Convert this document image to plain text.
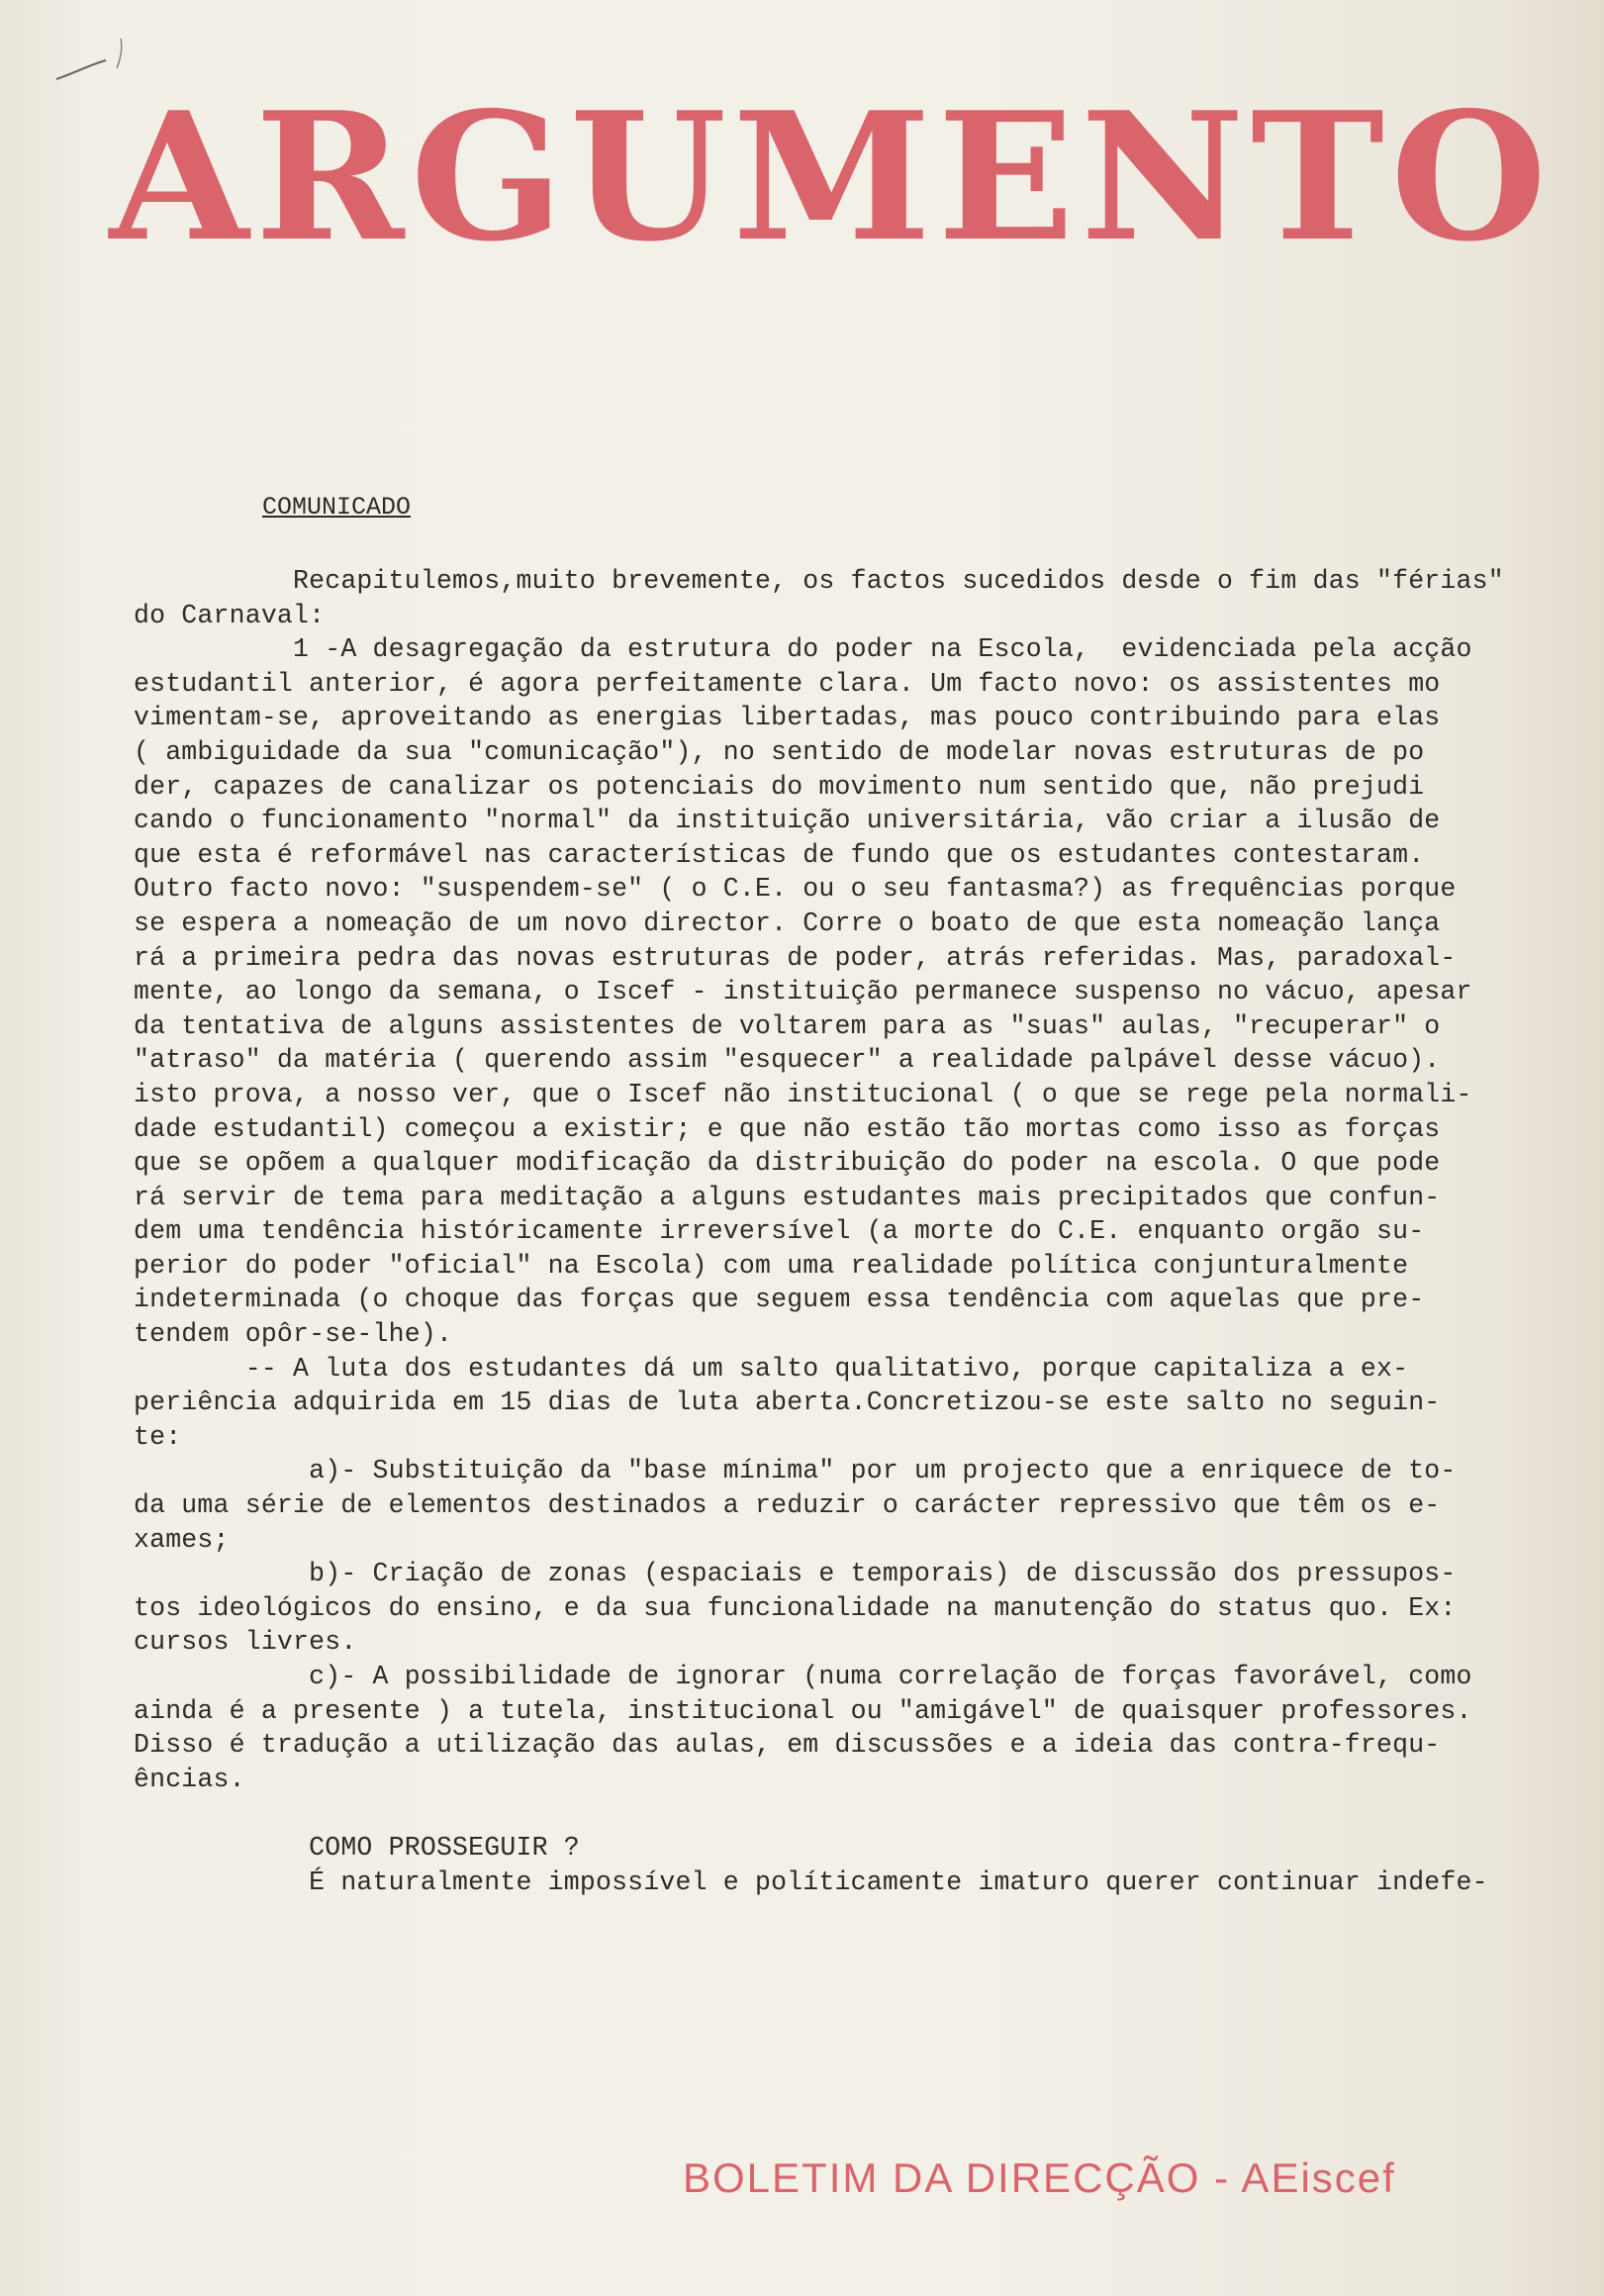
ARGUMENTO
COMUNICADO
Recapitulemos,muito brevemente, os factos sucedidos desde o fim das "férias"
do Carnaval:
1 -A desagregação da estrutura do poder na Escola,  evidenciada pela acção
estudantil anterior, é agora perfeitamente clara. Um facto novo: os assistentes mo
vimentam-se, aproveitando as energias libertadas, mas pouco contribuindo para elas
( ambiguidade da sua "comunicação"), no sentido de modelar novas estruturas de po
der, capazes de canalizar os potenciais do movimento num sentido que, não prejudi
cando o funcionamento "normal" da instituição universitária, vão criar a ilusão de
que esta é reformável nas características de fundo que os estudantes contestaram.
Outro facto novo: "suspendem-se" ( o C.E. ou o seu fantasma?) as frequências porque
se espera a nomeação de um novo director. Corre o boato de que esta nomeação lança
rá a primeira pedra das novas estruturas de poder, atrás referidas. Mas, paradoxal-
mente, ao longo da semana, o Iscef - instituição permanece suspenso no vácuo, apesar
da tentativa de alguns assistentes de voltarem para as "suas" aulas, "recuperar" o
"atraso" da matéria ( querendo assim "esquecer" a realidade palpável desse vácuo).
isto prova, a nosso ver, que o Iscef não institucional ( o que se rege pela normali-
dade estudantil) começou a existir; e que não estão tão mortas como isso as forças
que se opõem a qualquer modificação da distribuição do poder na escola. O que pode
rá servir de tema para meditação a alguns estudantes mais precipitados que confun-
dem uma tendência históricamente irreversível (a morte do C.E. enquanto orgão su-
perior do poder "oficial" na Escola) com uma realidade política conjunturalmente
indeterminada (o choque das forças que seguem essa tendência com aquelas que pre-
tendem opôr-se-lhe).
-- A luta dos estudantes dá um salto qualitativo, porque capitaliza a ex-
periência adquirida em 15 dias de luta aberta.Concretizou-se este salto no seguin-
te:
a)- Substituição da "base mínima" por um projecto que a enriquece de to-
da uma série de elementos destinados a reduzir o carácter repressivo que têm os e-
xames;
b)- Criação de zonas (espaciais e temporais) de discussão dos pressupos-
tos ideológicos do ensino, e da sua funcionalidade na manutenção do status quo. Ex:
cursos livres.
c)- A possibilidade de ignorar (numa correlação de forças favorável, como
ainda é a presente ) a tutela, institucional ou "amigável" de quaisquer professores.
Disso é tradução a utilização das aulas, em discussões e a ideia das contra-frequ-
ências.
COMO PROSSEGUIR ?
É naturalmente impossível e políticamente imaturo querer continuar indefe-
BOLETIM DA DIRECÇÃO - AEiscef
